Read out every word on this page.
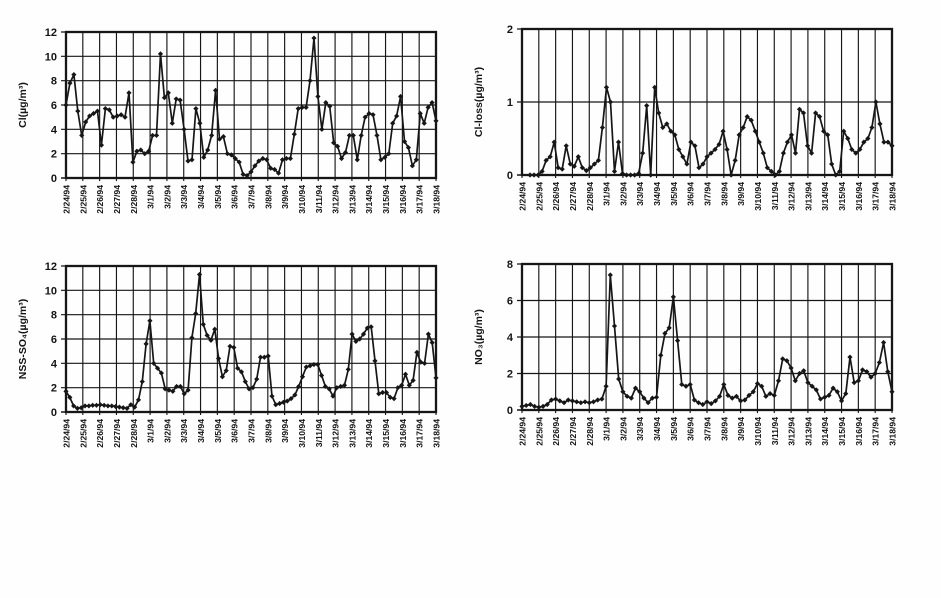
2/24/94 2/25/94 2/26/94 2/27/94 2/28/94 3/1/94 3/2/94 3/3/94 3/4/94 3/5/94 3/6/94 3/7/94 3/8/94 3/9/94 3/10/94 3/11/94 3/12/94 3/13/94 3/14/94 3/15/94 3/16/94 3/17/94 3/18/94
0
2
4
6
8
10
12
Cl(µg/m³)
2/24/94 2/25/94 2/26/94 2/27/94 2/28/94 3/1/94 3/2/94 3/3/94 3/4/94 3/5/94 3/6/94 3/7/94 3/8/94 3/9/94 3/10/94 3/11/94 3/12/94 3/13/94 3/14/94 3/15/94 3/16/94 3/17/94 3/18/94
0
1
2
Cl-loss(µg/m³)
2/24/94 2/25/94 2/26/94 2/27/94 2/28/94 3/1/94 3/2/94 3/3/94 3/4/94 3/5/94 3/6/94 3/7/94 3/8/94 3/9/94 3/10/94 3/11/94 3/12/94 3/13/94 3/14/94 3/15/94 3/16/94 3/17/94 3/18/94
0
2
4
6
8
10
12
NSS-SO₄(µg/m³)
2/24/94 2/25/94 2/26/94 2/27/94 2/28/94 3/1/94 3/2/94 3/3/94 3/4/94 3/5/94 3/6/94 3/7/94 3/8/94 3/9/94 3/10/94 3/11/94 3/12/94 3/13/94 3/14/94 3/15/94 3/16/94 3/17/94 3/18/94
0
2
4
6
8
NO₃(µg/m³)
